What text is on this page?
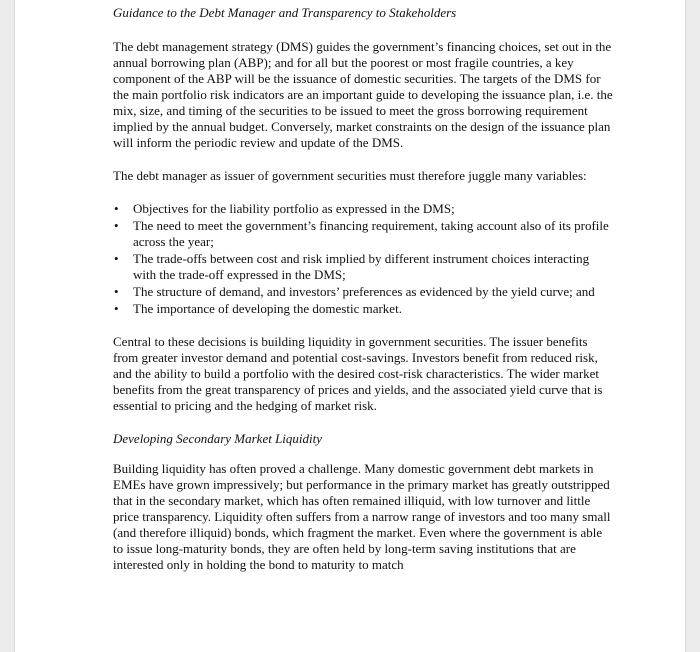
Guidance to the Debt Manager and Transparency to Stakeholders

The debt management strategy (DMS) guides the government’s financing choices, set out in the annual borrowing plan (ABP); and for all but the poorest or most fragile countries, a key component of the ABP will be the issuance of domestic securities. The targets of the DMS for the main portfolio risk indicators are an important guide to developing the issuance plan, i.e. the mix, size, and timing of the securities to be issued to meet the gross borrowing requirement implied by the annual budget. Conversely, market constraints on the design of the issuance plan will inform the periodic review and update of the DMS.

The debt manager as issuer of government securities must therefore juggle many variables:

• Objectives for the liability portfolio as expressed in the DMS;
• The need to meet the government’s financing requirement, taking account also of its profile across the year;
• The trade-offs between cost and risk implied by different instrument choices interacting with the trade-off expressed in the DMS;
• The structure of demand, and investors’ preferences as evidenced by the yield curve; and
• The importance of developing the domestic market.

Central to these decisions is building liquidity in government securities. The issuer benefits from greater investor demand and potential cost-savings. Investors benefit from reduced risk, and the ability to build a portfolio with the desired cost-risk characteristics. The wider market benefits from the great transparency of prices and yields, and the associated yield curve that is essential to pricing and the hedging of market risk.

Developing Secondary Market Liquidity

Building liquidity has often proved a challenge. Many domestic government debt markets in EMEs have grown impressively; but performance in the primary market has greatly outstripped that in the secondary market, which has often remained illiquid, with low turnover and little price transparency. Liquidity often suffers from a narrow range of investors and too many small (and therefore illiquid) bonds, which fragment the market. Even where the government is able to issue long-maturity bonds, they are often held by long-term saving institutions that are interested only in holding the bond to maturity to match
